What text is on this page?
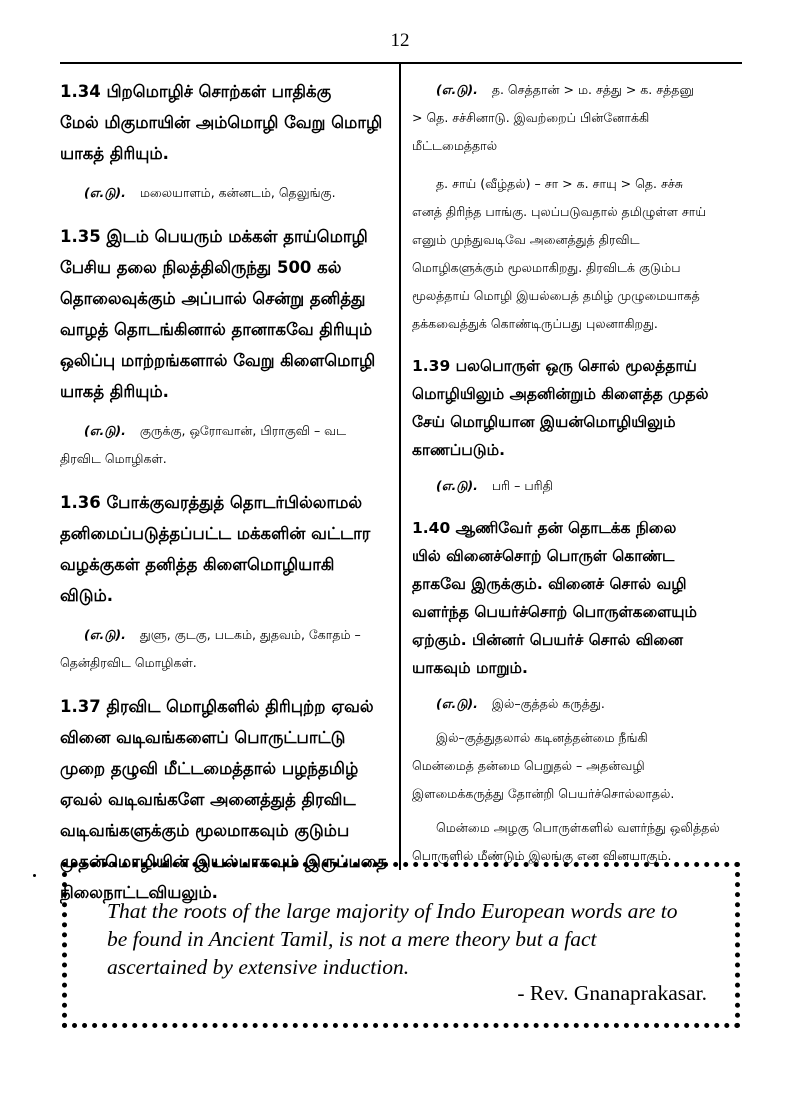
12
1.34 பிறமொழிச் சொற்கள் பாதிக்கு
மேல் மிகுமாயின் அம்மொழி வேறு மொழி
யாகத் திரியும்.
(எ.டு). மலையாளம், கன்னடம், தெலுங்கு.
1.35 இடம் பெயரும் மக்கள் தாய்மொழி
பேசிய தலை நிலத்திலிருந்து 500 கல்
தொலைவுக்கும் அப்பால் சென்று தனித்து
வாழத் தொடங்கினால் தானாகவே திரியும்
ஒலிப்பு மாற்றங்களால் வேறு கிளைமொழி
யாகத் திரியும்.
(எ.டு). குருக்கு, ஒரோவான், பிராகுவி – வட
திரவிட மொழிகள்.
1.36 போக்குவரத்துத் தொடர்பில்லாமல்
தனிமைப்படுத்தப்பட்ட மக்களின் வட்டார
வழக்குகள் தனித்த கிளைமொழியாகி
விடும்.
(எ.டு). துளு, குடகு, படகம், துதவம், கோதம் –
தென்திரவிட மொழிகள்.
1.37 திரவிட மொழிகளில் திரிபுற்ற ஏவல்
வினை வடிவங்களைப் பொருட்பாட்டு
முறை தழுவி மீட்டமைத்தால் பழந்தமிழ்
ஏவல் வடிவங்களே அனைத்துத் திரவிட
வடிவங்களுக்கும் மூலமாகவும் குடும்ப
முதன்மொழியின் இயல்பாகவும் இருப்பதை
நிலைநாட்டவியலும்.
(எ.டு). த. செத்தான் > ம. சத்து > க. சத்தனு
> தெ. சச்சினாடு. இவற்றைப் பின்னோக்கி
மீட்டமைத்தால்
த. சாய் (வீழ்தல்) – சா > க. சாயு > தெ. சச்சு
எனத் திரிந்த பாங்கு. புலப்படுவதால் தமிழுள்ள சாய்
எனும் முந்துவடிவே அனைத்துத் திரவிட
மொழிகளுக்கும் மூலமாகிறது. திரவிடக் குடும்ப
மூலத்தாய் மொழி இயல்பைத் தமிழ் முழுமையாகத்
தக்கவைத்துக் கொண்டிருப்பது புலனாகிறது.
1.39 பலபொருள் ஒரு சொல் மூலத்தாய்
மொழியிலும் அதனின்றும் கிளைத்த முதல்
சேய் மொழியான இயன்மொழியிலும்
காணப்படும்.
(எ.டு). பரி – பரிதி
1.40 ஆணிவேர் தன் தொடக்க நிலை
யில் வினைச்சொற் பொருள் கொண்ட
தாகவே இருக்கும். வினைச் சொல் வழி
வளர்ந்த பெயர்ச்சொற் பொருள்களையும்
ஏற்கும். பின்னர் பெயர்ச் சொல் வினை
யாகவும் மாறும்.
(எ.டு). இல்–குத்தல் கருத்து.
இல்–குத்துதலால் கடினத்தன்மை நீங்கி
மென்மைத் தன்மை பெறுதல் – அதன்வழி
இளமைக்கருத்து தோன்றி பெயர்ச்சொல்லாதல்.
மென்மை அழகு பொருள்களில் வளர்ந்து ஒலித்தல்
பொருளில் மீண்டும் இலங்கு என வினயாகும்.
That the roots of the large majority of Indo European words are to
be found in Ancient Tamil, is not a mere theory but a fact
ascertained by extensive induction.
- Rev. Gnanaprakasar.
